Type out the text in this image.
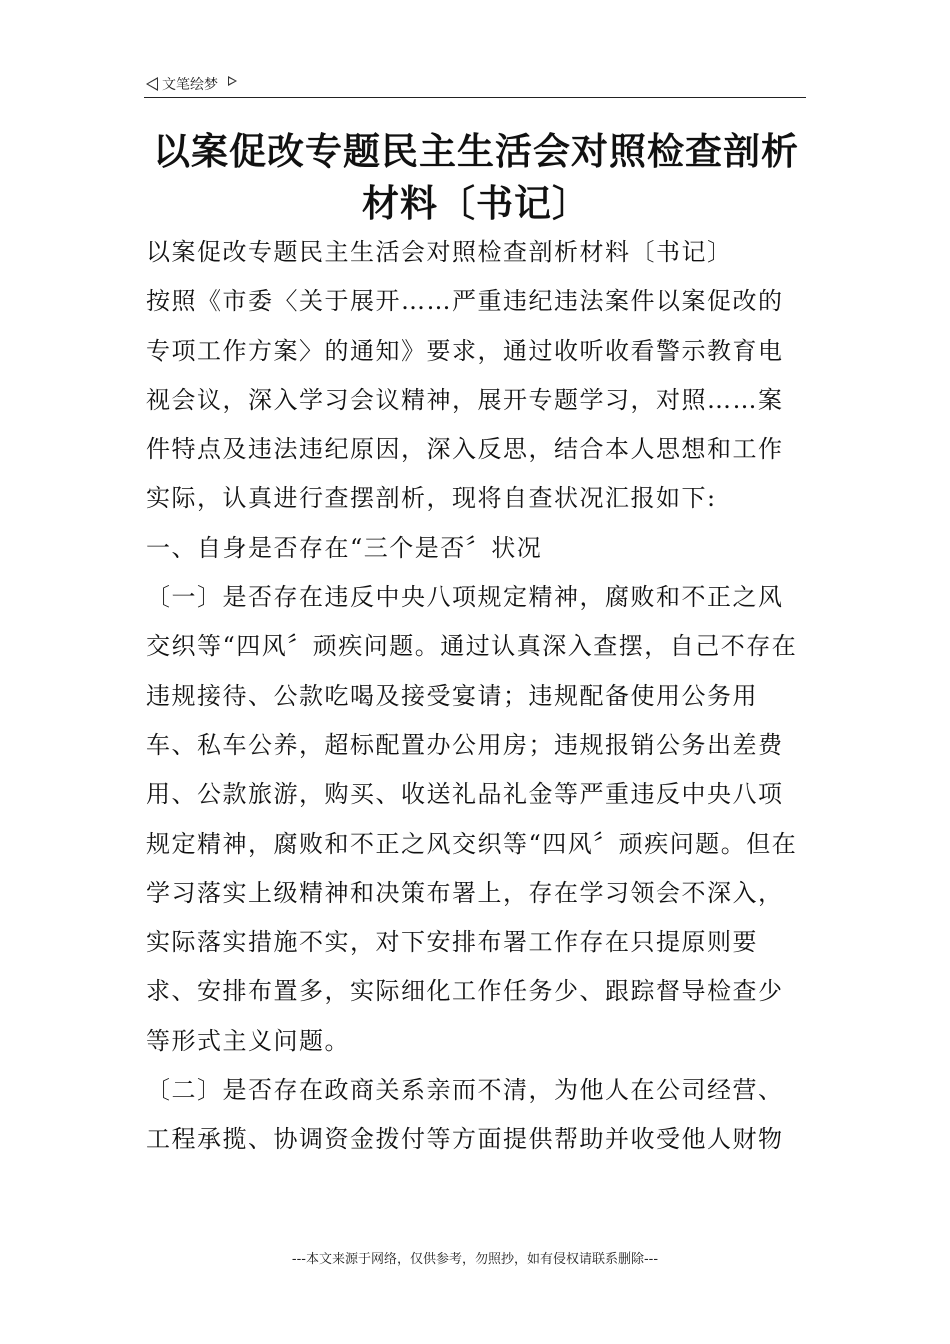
文笔绘梦
以案促改专题民主生活会对照检查剖析材料〔书记〕

以案促改专题民主生活会对照检查剖析材料〔书记〕

按照《市委〈关于展开……严重违纪违法案件以案促改的专项工作方案〉的通知》要求，通过收听收看警示教育电视会议，深入学习会议精神，展开专题学习，对照……案件特点及违法违纪原因，深入反思，结合本人思想和工作实际，认真进行查摆剖析，现将自查状况汇报如下:

一、自身是否存在“三个是否〞状况

〔一〕是否存在违反中央八项规定精神，腐败和不正之风交织等“四风〞顽疾问题。通过认真深入查摆，自己不存在违规接待、公款吃喝及接受宴请；违规配备使用公务用车、私车公养，超标配置办公用房；违规报销公务出差费用、公款旅游，购买、收送礼品礼金等严重违反中央八项规定精神，腐败和不正之风交织等“四风〞顽疾问题。但在学习落实上级精神和决策布署上，存在学习领会不深入，实际落实措施不实，对下安排布署工作存在只提原则要求、安排布置多，实际细化工作任务少、跟踪督导检查少等形式主义问题。

〔二〕是否存在政商关系亲而不清，为他人在公司经营、工程承揽、协调资金拨付等方面提供帮助并收受他人财物

---本文来源于网络，仅供参考，勿照抄，如有侵权请联系删除---
